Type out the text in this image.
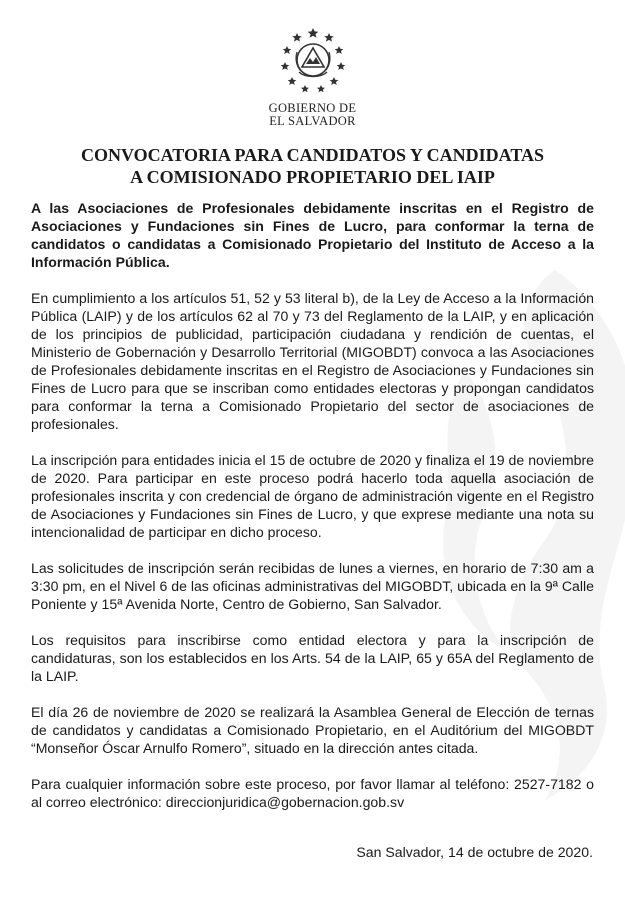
GOBIERNO DE
EL SALVADOR
CONVOCATORIA PARA CANDIDATOS Y CANDIDATAS
A COMISIONADO PROPIETARIO DEL IAIP

A las Asociaciones de Profesionales debidamente inscritas en el Registro de Asociaciones y Fundaciones sin Fines de Lucro, para conformar la terna de candidatos o candidatas a Comisionado Propietario del Instituto de Acceso a la Información Pública.

En cumplimiento a los artículos 51, 52 y 53 literal b), de la Ley de Acceso a la Información Pública (LAIP) y de los artículos 62 al 70 y 73 del Reglamento de la LAIP, y en aplicación de los principios de publicidad, participación ciudadana y rendición de cuentas, el Ministerio de Gobernación y Desarrollo Territorial (MIGOBDT) convoca a las Asociaciones de Profesionales debidamente inscritas en el Registro de Asociaciones y Fundaciones sin Fines de Lucro para que se inscriban como entidades electoras y propongan candidatos para conformar la terna a Comisionado Propietario del sector de asociaciones de profesionales.

La inscripción para entidades inicia el 15 de octubre de 2020 y finaliza el 19 de noviembre de 2020. Para participar en este proceso podrá hacerlo toda aquella asociación de profesionales inscrita y con credencial de órgano de administración vigente en el Registro de Asociaciones y Fundaciones sin Fines de Lucro, y que exprese mediante una nota su intencionalidad de participar en dicho proceso.

Las solicitudes de inscripción serán recibidas de lunes a viernes, en horario de 7:30 am a 3:30 pm, en el Nivel 6 de las oficinas administrativas del MIGOBDT, ubicada en la 9ª Calle Poniente y 15ª Avenida Norte, Centro de Gobierno, San Salvador.

Los requisitos para inscribirse como entidad electora y para la inscripción de candidaturas, son los establecidos en los Arts. 54 de la LAIP, 65 y 65A del Reglamento de la LAIP.

El día 26 de noviembre de 2020 se realizará la Asamblea General de Elección de ternas de candidatos y candidatas a Comisionado Propietario, en el Auditórium del MIGOBDT “Monseñor Óscar Arnulfo Romero”, situado en la dirección antes citada.

Para cualquier información sobre este proceso, por favor llamar al teléfono: 2527-7182 o al correo electrónico: direccionjuridica@gobernacion.gob.sv

San Salvador, 14 de octubre de 2020.
